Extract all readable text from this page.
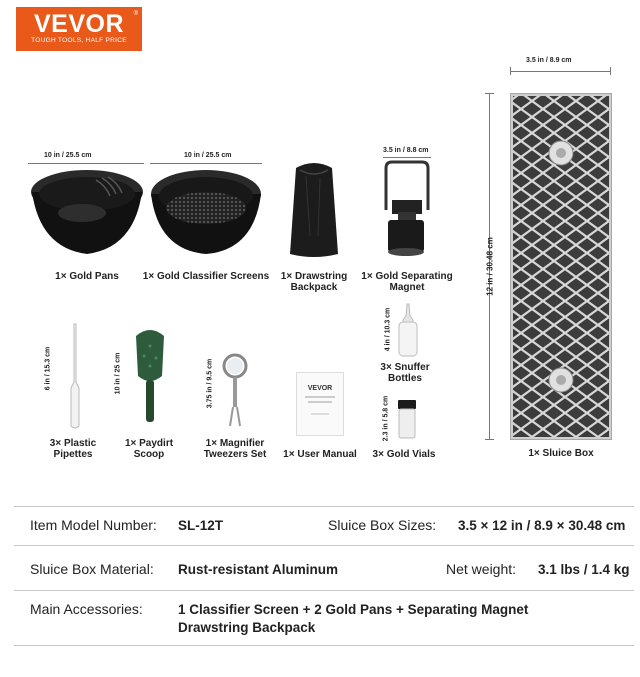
VEVOR	®
TOUGH TOOLS, HALF PRICE
3.5 in / 8.9 cm
12 in / 30.48 cm
1× Sluice Box
10 in / 25.5 cm
1× Gold Pans
10 in / 25.5 cm
1× Gold Classifier Screens	1× Drawstring
Backpack
3.5 in / 8.8 cm
1× Gold Separating
Magnet
6 in / 15.3 cm
3× Plastic
Pipettes
10 in / 25 cm
1× Paydirt
Scoop
3.75 in / 9.5 cm
1× Magnifier
Tweezers Set
VEVOR
1× User Manual
4 in / 10.3 cm
3× Snuffer
Bottles
2.3 in / 5.8 cm
3× Gold Vials
Item Model Number: SL-12T	Sluice Box Sizes: 3.5 × 12 in / 8.9 × 30.48 cm
Sluice Box Material: Rust-resistant Aluminum	Net weight: 3.1 lbs / 1.4 kg
Main Accessories:	1 Classifier Screen + 2 Gold Pans + Separating Magnet
Drawstring Backpack
